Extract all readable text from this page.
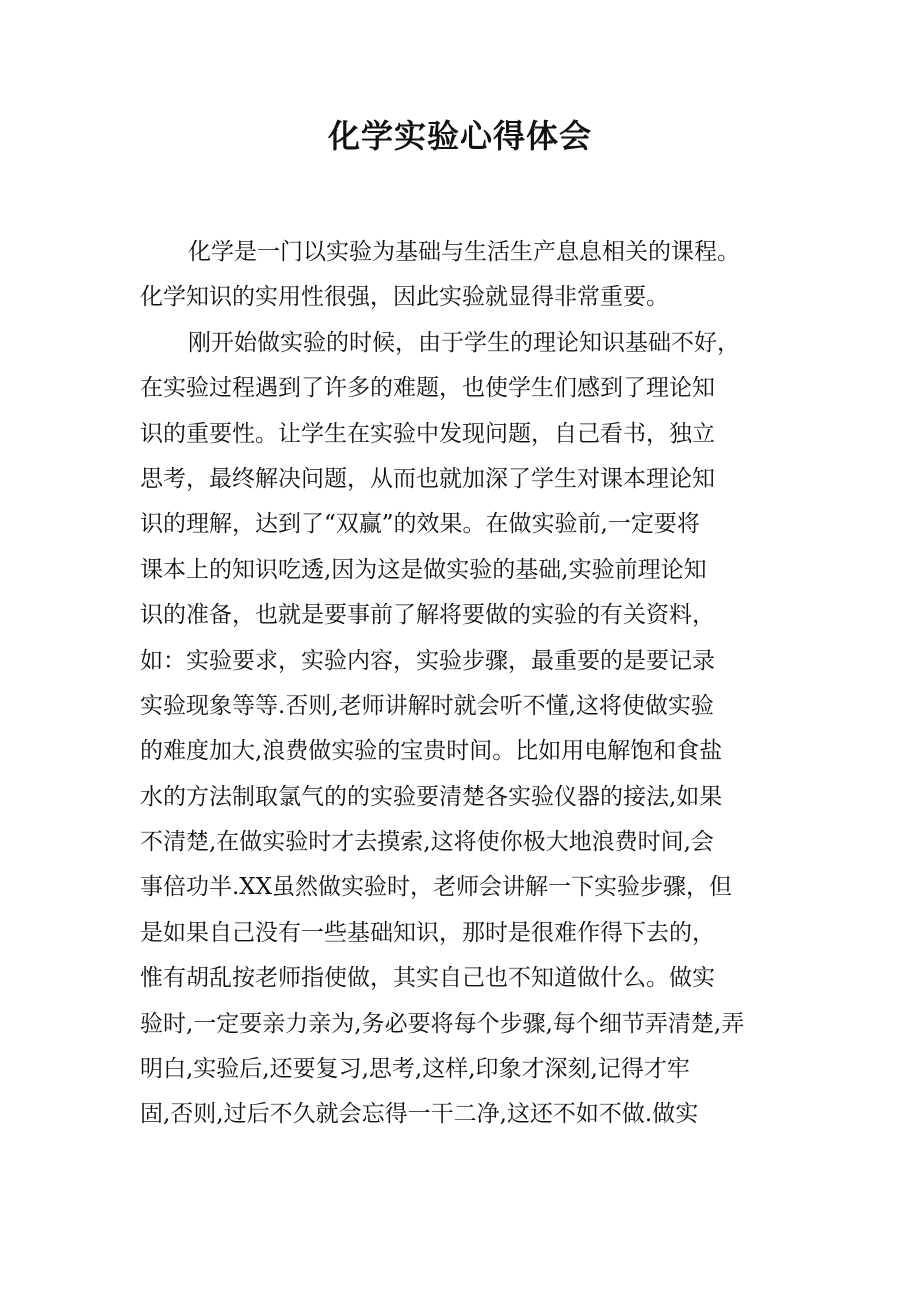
化学实验心得体会
化学是一门以实验为基础与生活生产息息相关的课程。
化学知识的实用性很强，因此实验就显得非常重要。
刚开始做实验的时候，由于学生的理论知识基础不好，
在实验过程遇到了许多的难题，也使学生们感到了理论知
识的重要性。让学生在实验中发现问题，自己看书，独立
思考，最终解决问题，从而也就加深了学生对课本理论知
识的理解，达到了“双赢”的效果。在做实验前,一定要将
课本上的知识吃透,因为这是做实验的基础,实验前理论知
识的准备，也就是要事前了解将要做的实验的有关资料，
如：实验要求，实验内容，实验步骤，最重要的是要记录
实验现象等等.否则,老师讲解时就会听不懂,这将使做实验
的难度加大,浪费做实验的宝贵时间。比如用电解饱和食盐
水的方法制取氯气的的实验要清楚各实验仪器的接法,如果
不清楚,在做实验时才去摸索,这将使你极大地浪费时间,会
事倍功半.XX虽然做实验时，老师会讲解一下实验步骤，但
是如果自己没有一些基础知识，那时是很难作得下去的，
惟有胡乱按老师指使做，其实自己也不知道做什么。做实
验时,一定要亲力亲为,务必要将每个步骤,每个细节弄清楚,弄
明白,实验后,还要复习,思考,这样,印象才深刻,记得才牢
固,否则,过后不久就会忘得一干二净,这还不如不做.做实
